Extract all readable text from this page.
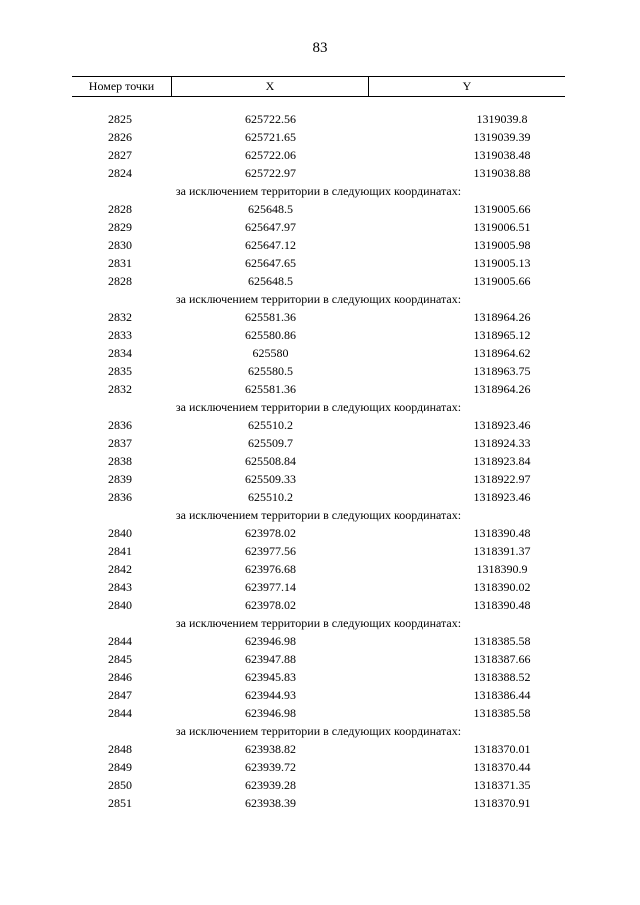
83
Номер точки	X	Y
2825	625722.56	1319039.8
2826	625721.65	1319039.39
2827	625722.06	1319038.48
2824	625722.97	1319038.88
за исключением территории в следующих координатах:
2828	625648.5	1319005.66
2829	625647.97	1319006.51
2830	625647.12	1319005.98
2831	625647.65	1319005.13
2828	625648.5	1319005.66
за исключением территории в следующих координатах:
2832	625581.36	1318964.26
2833	625580.86	1318965.12
2834	625580	1318964.62
2835	625580.5	1318963.75
2832	625581.36	1318964.26
за исключением территории в следующих координатах:
2836	625510.2	1318923.46
2837	625509.7	1318924.33
2838	625508.84	1318923.84
2839	625509.33	1318922.97
2836	625510.2	1318923.46
за исключением территории в следующих координатах:
2840	623978.02	1318390.48
2841	623977.56	1318391.37
2842	623976.68	1318390.9
2843	623977.14	1318390.02
2840	623978.02	1318390.48
за исключением территории в следующих координатах:
2844	623946.98	1318385.58
2845	623947.88	1318387.66
2846	623945.83	1318388.52
2847	623944.93	1318386.44
2844	623946.98	1318385.58
за исключением территории в следующих координатах:
2848	623938.82	1318370.01
2849	623939.72	1318370.44
2850	623939.28	1318371.35
2851	623938.39	1318370.91
